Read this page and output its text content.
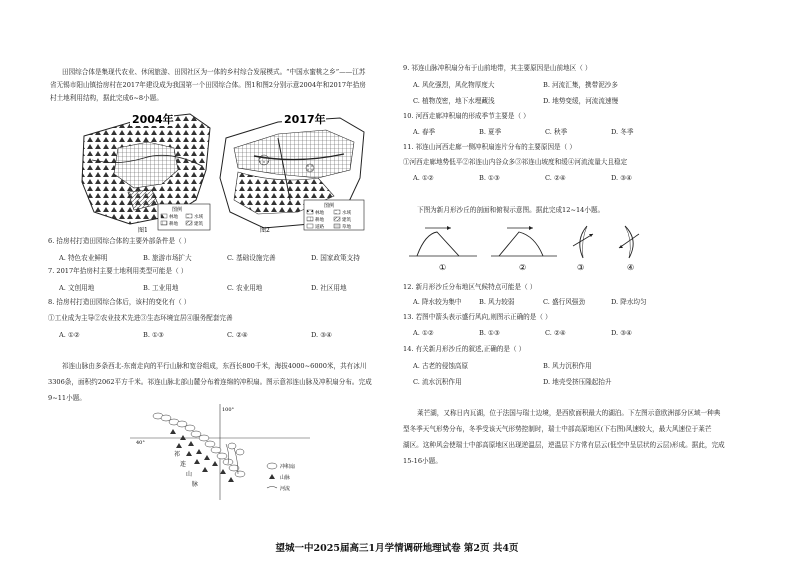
田园综合体是集现代农业、休闲旅游、田园社区为一体的乡村综合发展模式。“中国水蜜桃之乡”——江苏
省无锡市阳山镇拾房村在2017年建设成为我国第一个田园综合体。图1和图2分别示意2004年和2017年拾房
村土地利用结构，据此完成6~8小题。
图例
林地	水域
耕地	建筑
2004年
图1
图例
林地	水域
耕地	建筑
道路	草地
2017年
图2
6. 拾房村打造田园综合体的主要外部条件是（ ）
A. 特色农业鲜明	B. 旅游市场扩大	C. 基础设施完善	D. 国家政策支持
7. 2017年拾房村主要土地利用类型可能是（ ）
A. 文创用地	B. 工业用地	C. 农业用地	D. 社区用地
8. 拾房村打造田园综合体后，该村的变化有（ ）
①工业成为主导②农业技术先进③生态环境宜居④服务配套完善
A. ①②	B. ①③	C. ②④	D. ③④
祁连山脉由多条西北-东南走向的平行山脉和宽谷组成，东西长800千米，海拔4000~6000米，共有冰川
3306条，面积约2062平方千米。祁连山脉北部山麓分布着连绵的冲积扇。图示意祁连山脉及冲积扇分布。完成
9~11小题。
100°
40°
祁
连
山
脉
冲积扇
山脉
河流
9. 祁连山脉冲积扇分布于山前地带，其主要原因是山前地区（ ）
A. 风化强烈，风化物厚度大	B. 河流汇集，携带泥沙多
C. 植物茂密，地下水埋藏浅	D. 地势变缓，河流流速慢
10. 河西走廊冲积扇的形成季节主要是（ ）
A. 春季	B. 夏季	C. 秋季	D. 冬季
11. 祁连山河西走廊一侧冲积扇连片分布的主要原因是（ ）
①河西走廊地势低平②祁连山内谷众多③祁连山坡度和缓④河流流量大且稳定
A. ①②	B. ①③	C. ②④	D. ③④
下图为新月形沙丘的剖面和俯视示意图。据此完成12~14小题。
①	②	③	④
12. 新月形沙丘分布地区气候特点可能是（ ）
A. 降水较为集中	B. 风力较弱	C. 盛行风强劲	D. 降水均匀
13. 若图中箭头表示盛行风向,则图示正确的是（ ）
A. ①②	B. ①③	C. ②④	D. ③④
14. 有关新月形沙丘的叙述,正确的是（ ）
A. 古老的侵蚀高原	B. 风力沉积作用
C. 流水沉积作用	D. 地壳受挤压隆起抬升
莱芒湖，又称日内瓦湖，位于法国与瑞士边境，是西欧面积最大的湖泊。下左图示意欧洲部分区域一种典
型冬季天气形势分布，冬季受该天气形势控制时，瑞士中部高原地区(下右图)风速较大，最大风速位于莱芒
湖区。这种风会使瑞士中部高原地区出现逆温层，逆温层下方常有层云(低空中呈层状的云层)形成。据此，完成
15-16小题。
望城一中2025届高三1月学情调研地理试卷 第2页 共4页
